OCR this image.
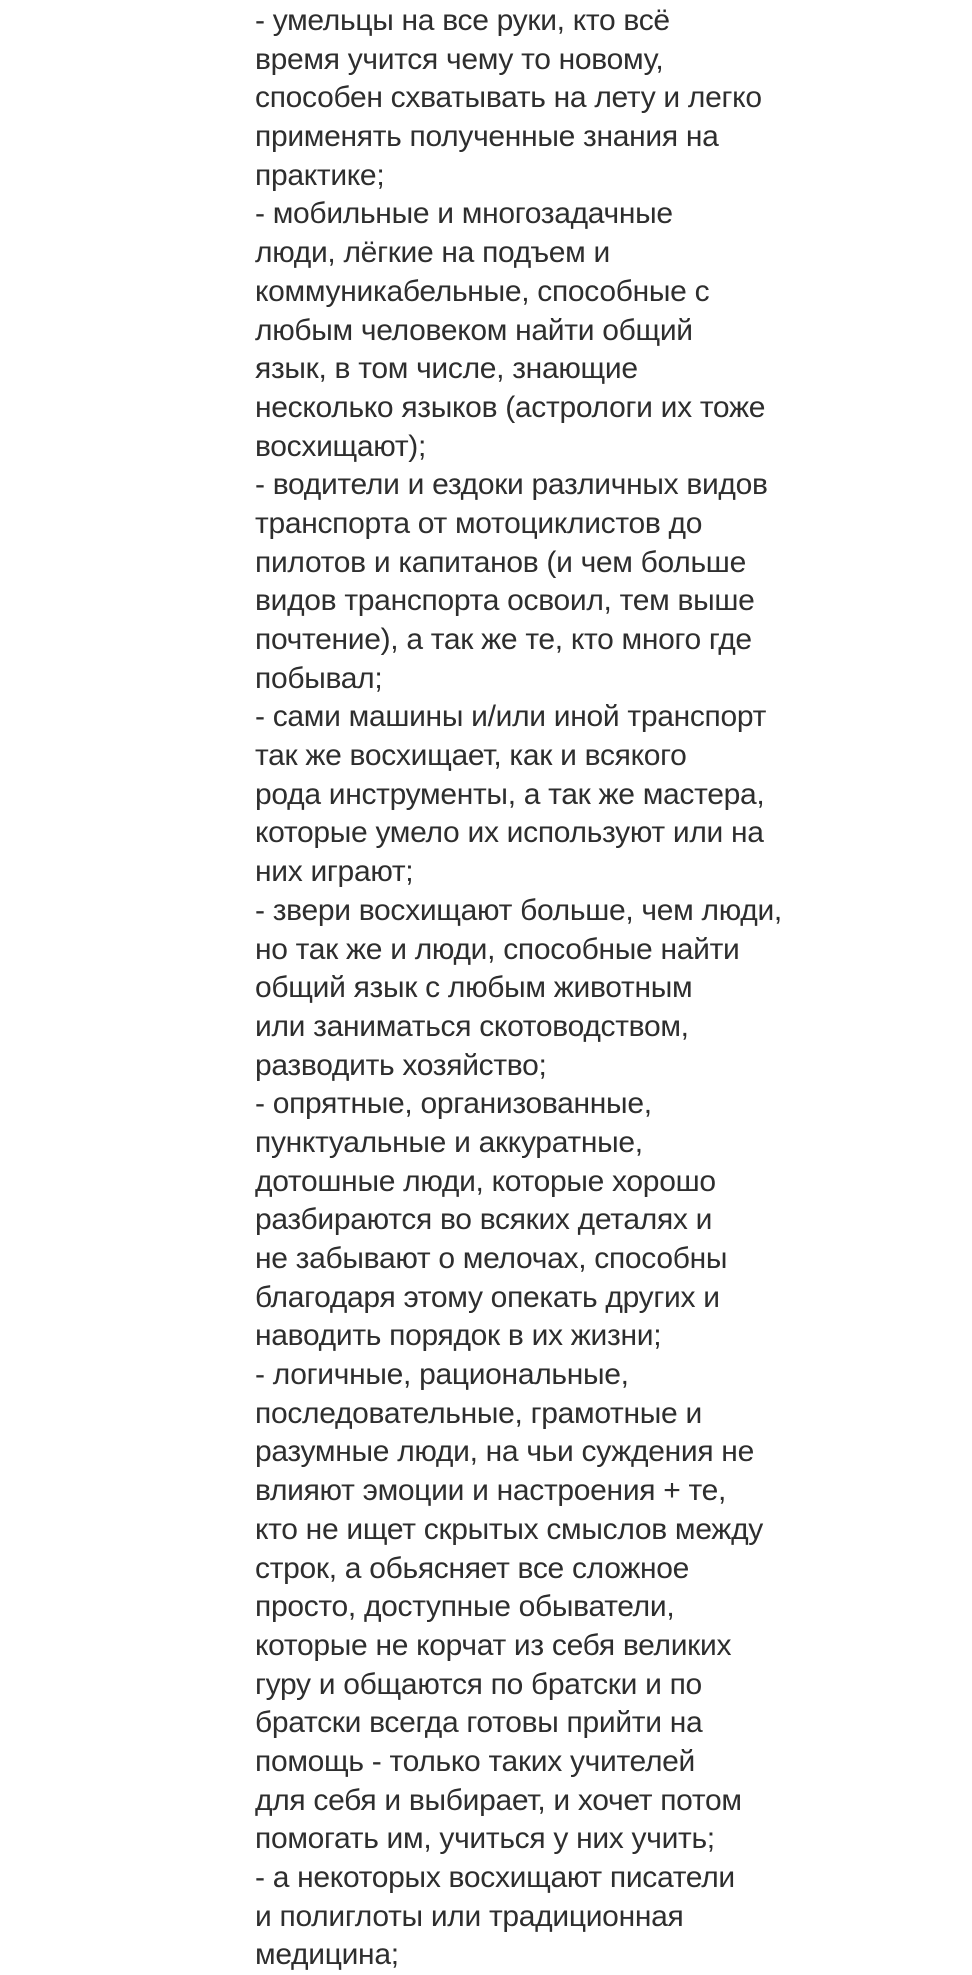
- умельцы на все руки, кто всё
время учится чему то новому,
способен схватывать на лету и легко
применять полученные знания на
практике;
- мобильные и многозадачные
люди, лёгкие на подъем и
коммуникабельные, способные с
любым человеком найти общий
язык, в том числе, знающие
несколько языков (астрологи их тоже
восхищают);
- водители и ездоки различных видов
транспорта от мотоциклистов до
пилотов и капитанов (и чем больше
видов транспорта освоил, тем выше
почтение), а так же те, кто много где
побывал;
- сами машины и/или иной транспорт
так же восхищает, как и всякого
рода инструменты, а так же мастера,
которые умело их используют или на
них играют;
- звери восхищают больше, чем люди,
но так же и люди, способные найти
общий язык с любым животным
или заниматься скотоводством,
разводить хозяйство;
- опрятные, организованные,
пунктуальные и аккуратные,
дотошные люди, которые хорошо
разбираются во всяких деталях и
не забывают о мелочах, способны
благодаря этому опекать других и
наводить порядок в их жизни;
- логичные, рациональные,
последовательные, грамотные и
разумные люди, на чьи суждения не
влияют эмоции и настроения + те,
кто не ищет скрытых смыслов между
строк, а обьясняет все сложное
просто, доступные обыватели,
которые не корчат из себя великих
гуру и общаются по братски и по
братски всегда готовы прийти на
помощь - только таких учителей
для себя и выбирает, и хочет потом
помогать им, учиться у них учить;
- а некоторых восхищают писатели
и полиглоты или традиционная
медицина;
